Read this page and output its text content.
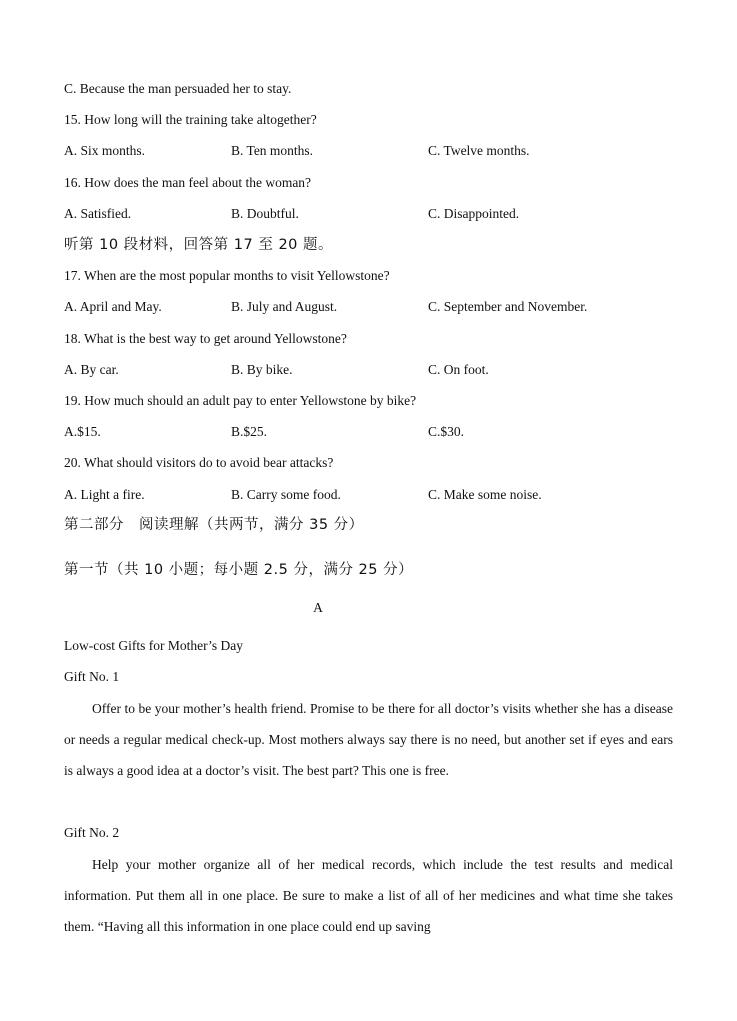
C. Because the man persuaded her to stay.
15. How long will the training take altogether?
A. Six months.	B. Ten months.	C. Twelve months.
16. How does the man feel about the woman?
A. Satisfied.	B. Doubtful.	C. Disappointed.
听第 10 段材料，回答第 17 至 20 题。
17. When are the most popular months to visit Yellowstone?
A. April and May.	B. July and August.	C. September and November.
18. What is the best way to get around Yellowstone?
A. By car.	B. By bike.	C. On foot.
19. How much should an adult pay to enter Yellowstone by bike?
A.$15.	B.$25.	C.$30.
20. What should visitors do to avoid bear attacks?
A. Light a fire.	B. Carry some food.	C. Make some noise.
第二部分　阅读理解（共两节，满分 35 分）
第一节（共 10 小题；每小题 2.5 分，满分 25 分）
A
Low-cost Gifts for Mother’s Day
Gift No. 1
Offer to be your mother’s health friend. Promise to be there for all doctor’s visits whether she has a disease or needs a regular medical check-up. Most mothers always say there is no need, but another set if eyes and ears is always a good idea at a doctor’s visit. The best part? This one is free.
Gift No. 2
Help your mother organize all of her medical records, which include the test results and medical information. Put them all in one place. Be sure to make a list of all of her medicines and what time she takes them. “Having all this information in one place could end up saving
